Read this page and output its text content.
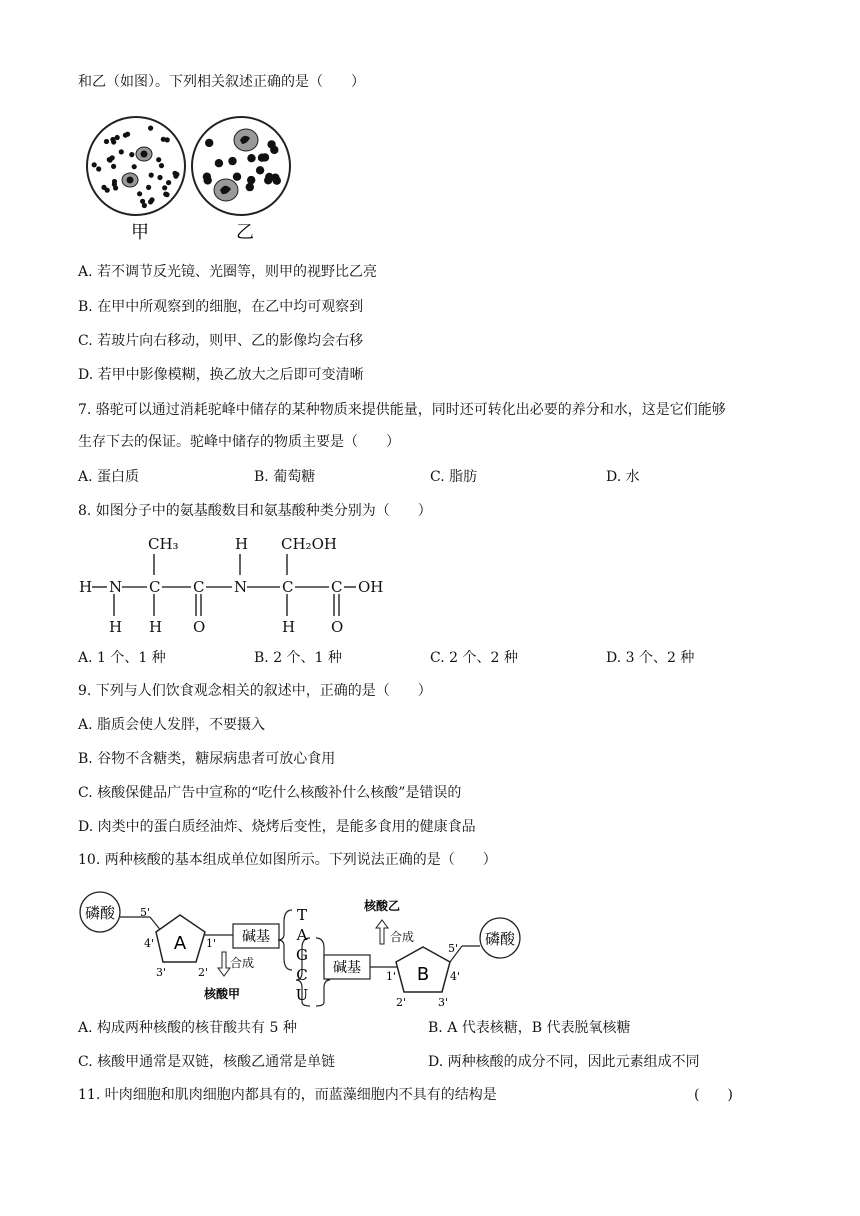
和乙（如图）。下列相关叙述正确的是（　　）
甲	乙
A. 若不调节反光镜、光圈等，则甲的视野比乙亮
B. 在甲中所观察到的细胞，在乙中均可观察到
C. 若玻片向右移动，则甲、乙的影像均会右移
D. 若甲中影像模糊，换乙放大之后即可变清晰
7. 骆驼可以通过消耗驼峰中储存的某种物质来提供能量，同时还可转化出必要的养分和水，这是它们能够
生存下去的保证。驼峰中储存的物质主要是（　　）
A. 蛋白质	B. 葡萄糖	C. 脂肪	D. 水
8. 如图分子中的氨基酸数目和氨基酸种类分别为（　　）
CH₃	H CH₂OH
H N C C N C	C OH
H H O	H O
A. 1 个、1 种	B. 2 个、1 种	C. 2 个、2 种	D. 3 个、2 种
9. 下列与人们饮食观念相关的叙述中，正确的是（　　）
A. 脂质会使人发胖，不要摄入
B. 谷物不含糖类，糖尿病患者可放心食用
C. 核酸保健品广告中宣称的“吃什么核酸补什么核酸”是错误的
D. 肉类中的蛋白质经油炸、烧烤后变性，是能多食用的健康食品
10. 两种核酸的基本组成单位如图所示。下列说法正确的是（　　）
磷酸
A
5'
4'	1'
3'	2'
碱基
合成
核酸甲
T
A
G
C
U
碱基	B
1'	4'
5'
2'	3'
磷酸
合成
核酸乙
A. 构成两种核酸的核苷酸共有 5 种	B. A 代表核糖，B 代表脱氧核糖
C. 核酸甲通常是双链，核酸乙通常是单链	D. 两种核酸的成分不同，因此元素组成不同
11. 叶肉细胞和肌肉细胞内都具有的，而蓝藻细胞内不具有的结构是	(　　)
